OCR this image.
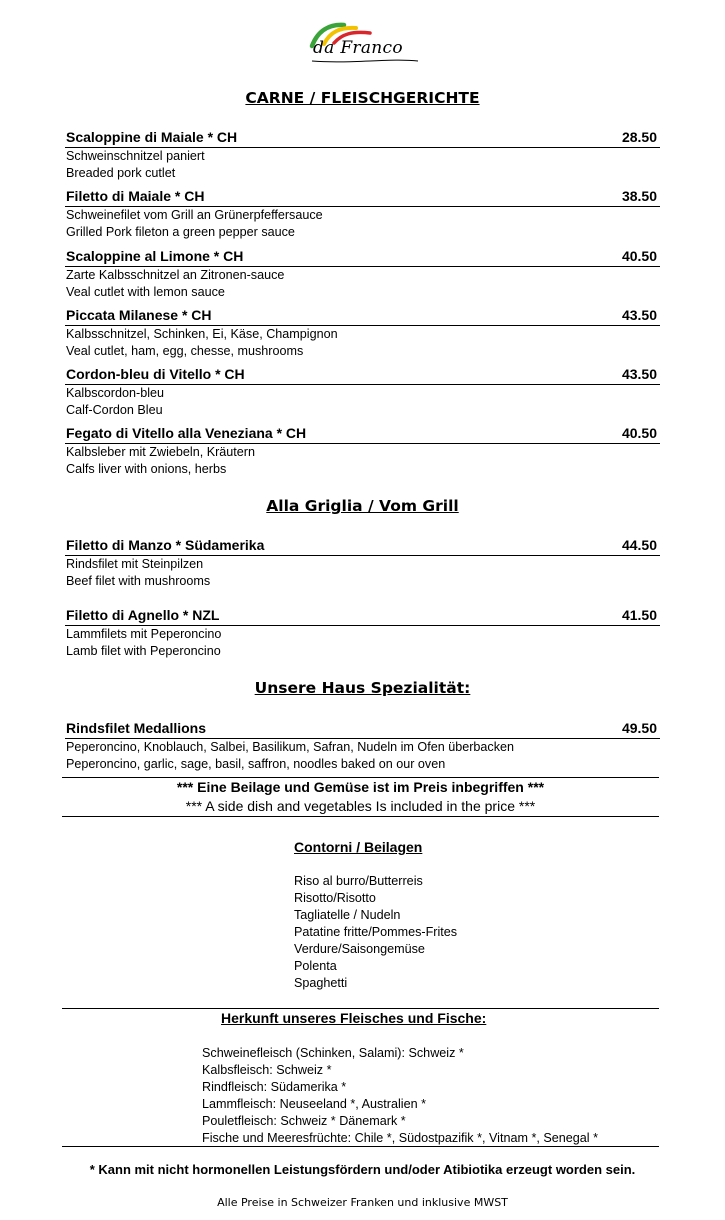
da Franco
CARNE / FLEISCHGERICHTE
Scaloppine di Maiale * CH	28.50
Schweinschnitzel paniert
Breaded pork cutlet
Filetto di Maiale * CH	38.50
Schweinefilet vom Grill an Grünerpfeffersauce
Grilled Pork fileton a green pepper sauce
Scaloppine al Limone * CH	40.50
Zarte Kalbsschnitzel an Zitronen-sauce
Veal cutlet with lemon sauce
Piccata Milanese * CH	43.50
Kalbsschnitzel, Schinken, Ei, Käse, Champignon
Veal cutlet, ham, egg, chesse, mushrooms
Cordon-bleu di Vitello * CH	43.50
Kalbscordon-bleu
Calf-Cordon Bleu
Fegato di Vitello alla Veneziana * CH	40.50
Kalbsleber mit Zwiebeln, Kräutern
Calfs liver with onions, herbs
Alla Griglia / Vom Grill
Filetto di Manzo * Südamerika	44.50
Rindsfilet mit Steinpilzen
Beef filet with mushrooms
Filetto di Agnello * NZL	41.50
Lammfilets mit Peperoncino
Lamb filet with Peperoncino
Unsere Haus Spezialität:
Rindsfilet Medallions	49.50
Peperoncino, Knoblauch, Salbei, Basilikum, Safran, Nudeln im Ofen überbacken
Peperoncino, garlic, sage, basil, saffron, noodles baked on our oven
*** Eine Beilage und Gemüse ist im Preis inbegriffen ***
*** A side dish and vegetables Is included in the price ***
Contorni / Beilagen
Riso al burro/Butterreis
Risotto/Risotto
Tagliatelle / Nudeln
Patatine fritte/Pommes-Frites
Verdure/Saisongemüse
Polenta
Spaghetti
Herkunft unseres Fleisches und Fische:
Schweinefleisch (Schinken, Salami): Schweiz *
Kalbsfleisch: Schweiz *
Rindfleisch: Südamerika *
Lammfleisch: Neuseeland *, Australien *
Pouletfleisch: Schweiz * Dänemark *
Fische und Meeresfrüchte: Chile *, Südostpazifik *, Vitnam *, Senegal *
* Kann mit nicht hormonellen Leistungsfördern und/oder Atibiotika erzeugt worden sein.
Alle Preise in Schweizer Franken und inklusive MWST
